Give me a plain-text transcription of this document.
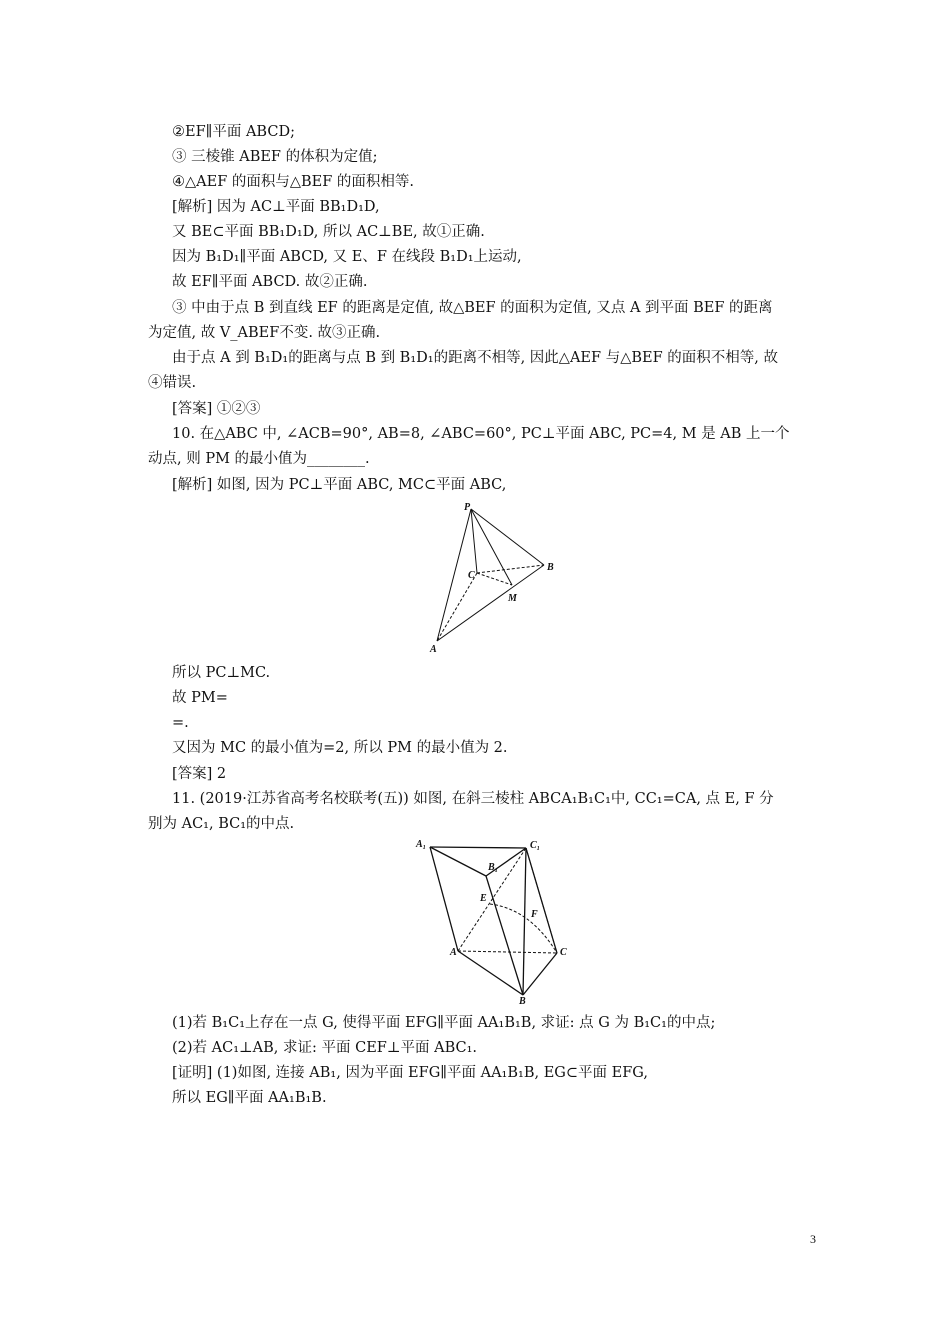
②EF∥平面 ABCD;
③ 三棱锥 ABEF 的体积为定值;
④△AEF 的面积与△BEF 的面积相等.
[解析] 因为 AC⊥平面 BB₁D₁D,
又 BE⊂平面 BB₁D₁D, 所以 AC⊥BE, 故①正确.
因为 B₁D₁∥平面 ABCD, 又 E、F 在线段 B₁D₁上运动,
故 EF∥平面 ABCD. 故②正确.
③ 中由于点 B 到直线 EF 的距离是定值, 故△BEF 的面积为定值, 又点 A 到平面 BEF 的距离
为定值, 故 V_ABEF不变. 故③正确.
由于点 A 到 B₁D₁的距离与点 B 到 B₁D₁的距离不相等, 因此△AEF 与△BEF 的面积不相等, 故
④错误.
[答案] ①②③
10. 在△ABC 中, ∠ACB=90°, AB=8, ∠ABC=60°, PC⊥平面 ABC, PC=4, M 是 AB 上一个
动点, 则 PM 的最小值为________.
[解析] 如图, 因为 PC⊥平面 ABC, MC⊂平面 ABC,
P
C
B
M
A
所以 PC⊥MC.
故 PM=
=.
又因为 MC 的最小值为=2, 所以 PM 的最小值为 2.
[答案] 2
11. (2019·江苏省高考名校联考(五)) 如图, 在斜三棱柱 ABCA₁B₁C₁中, CC₁=CA, 点 E, F 分
别为 AC₁, BC₁的中点.
A₁	C₁
B₁
E
F
A	C
B
(1)若 B₁C₁上存在一点 G, 使得平面 EFG∥平面 AA₁B₁B, 求证: 点 G 为 B₁C₁的中点;
(2)若 AC₁⊥AB, 求证: 平面 CEF⊥平面 ABC₁.
[证明] (1)如图, 连接 AB₁, 因为平面 EFG∥平面 AA₁B₁B, EG⊂平面 EFG,
所以 EG∥平面 AA₁B₁B.
3
